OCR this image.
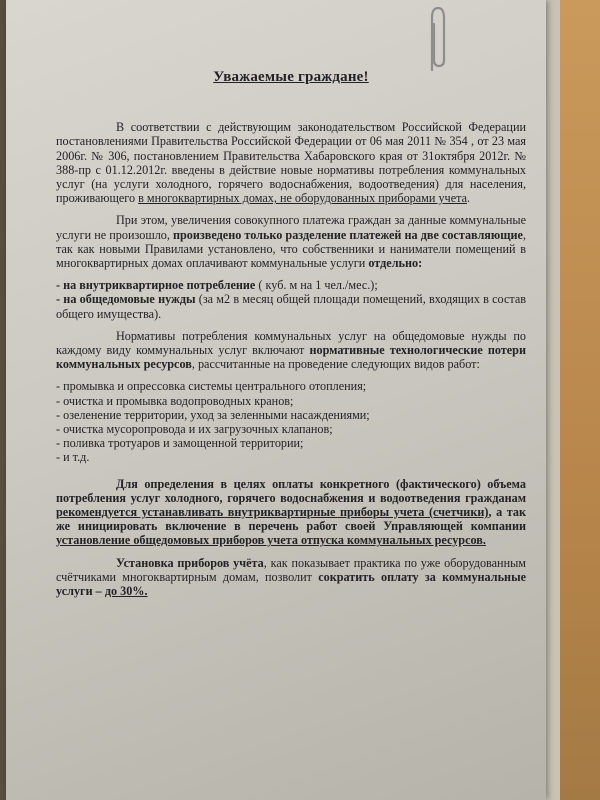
Уважаемые граждане!

В соответствии с действующим законодательством Российской Федерации постановлениями Правительства Российской Федерации от 06 мая 2011 № 354 , от 23 мая 2006г. № 306, постановлением Правительства Хабаровского края от 31октября 2012г. № 388-пр с 01.12.2012г. введены в действие новые нормативы потребления коммунальных услуг (на услуги холодного, горячего водоснабжения, водоотведения) для населения, проживающего в многоквартирных домах, не оборудованных приборами учета.

При этом, увеличения совокупного платежа граждан за данные коммунальные услуги не произошло, произведено только разделение платежей на две составляющие, так как новыми Правилами установлено, что собственники и наниматели помещений в многоквартирных домах оплачивают коммунальные услуги отдельно:

- на внутриквартирное потребление ( куб. м на 1 чел./мес.);
- на общедомовые нужды (за м2 в месяц общей площади помещений, входящих в состав общего имущества).

Нормативы потребления коммунальных услуг на общедомовые нужды по каждому виду коммунальных услуг включают нормативные технологические потери коммунальных ресурсов, рассчитанные на проведение следующих видов работ:

- промывка и опрессовка системы центрального отопления;
- очистка и промывка водопроводных кранов;
- озеленение территории, уход за зеленными насаждениями;
- очистка мусоропровода и их загрузочных клапанов;
- поливка тротуаров и замощенной территории;
- и т.д.

Для определения в целях оплаты конкретного (фактического) объема потребления услуг холодного, горячего водоснабжения и водоотведения гражданам рекомендуется устанавливать внутриквартирные приборы учета (счетчики), а так же инициировать включение в перечень работ своей Управляющей компании установление общедомовых приборов учета отпуска коммунальных ресурсов.

Установка приборов учёта, как показывает практика по уже оборудованным счётчиками многоквартирным домам, позволит сократить оплату за коммунальные услуги – до 30%.
